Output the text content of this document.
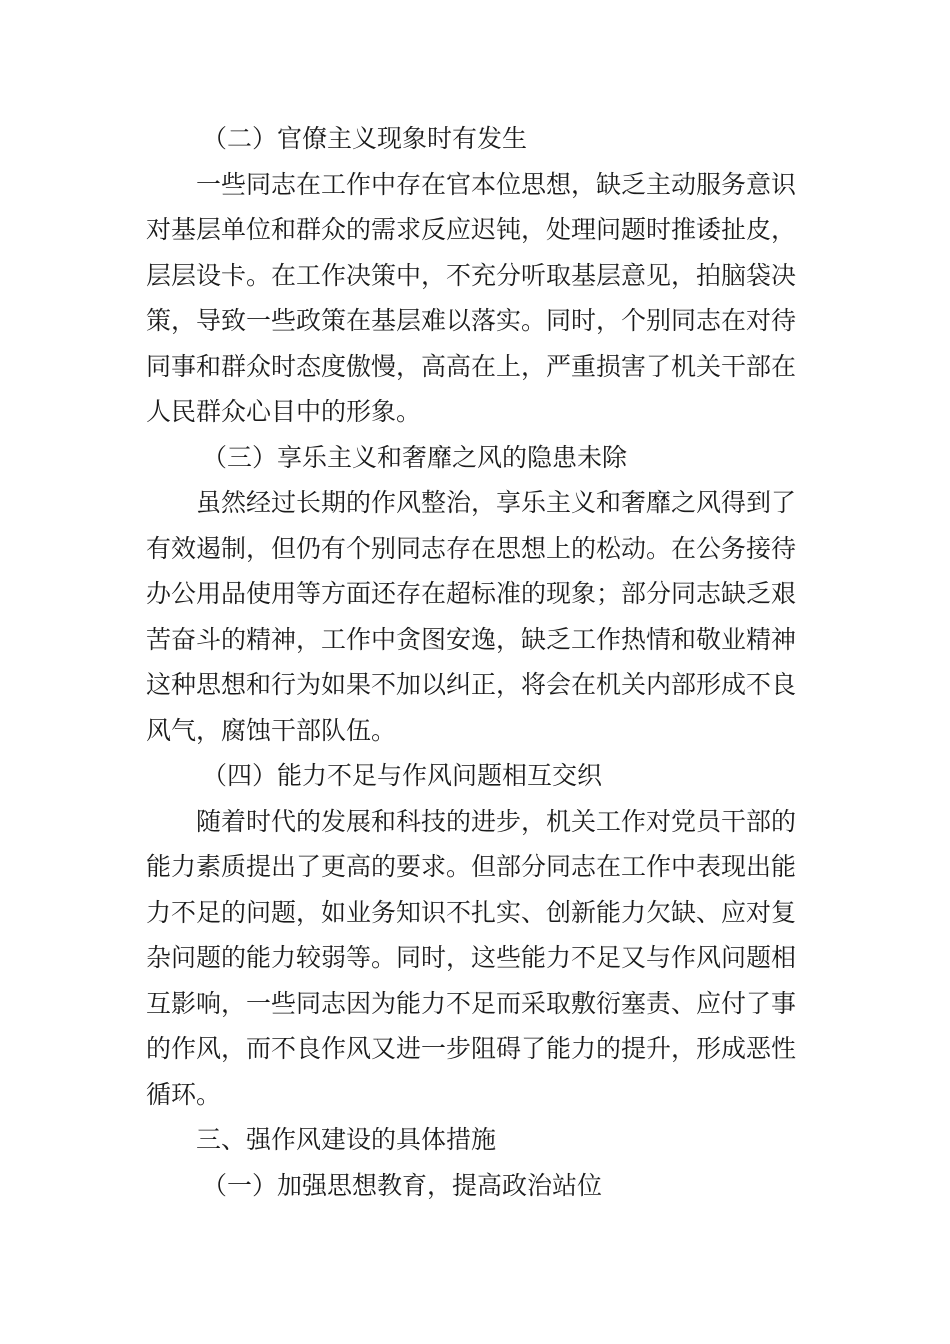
（二）官僚主义现象时有发生
一些同志在工作中存在官本位思想，缺乏主动服务意识
对基层单位和群众的需求反应迟钝，处理问题时推诿扯皮，
层层设卡。在工作决策中，不充分听取基层意见，拍脑袋决
策，导致一些政策在基层难以落实。同时，个别同志在对待
同事和群众时态度傲慢，高高在上，严重损害了机关干部在
人民群众心目中的形象。
（三）享乐主义和奢靡之风的隐患未除
虽然经过长期的作风整治，享乐主义和奢靡之风得到了
有效遏制，但仍有个别同志存在思想上的松动。在公务接待
办公用品使用等方面还存在超标准的现象；部分同志缺乏艰
苦奋斗的精神，工作中贪图安逸，缺乏工作热情和敬业精神
这种思想和行为如果不加以纠正，将会在机关内部形成不良
风气，腐蚀干部队伍。
（四）能力不足与作风问题相互交织
随着时代的发展和科技的进步，机关工作对党员干部的
能力素质提出了更高的要求。但部分同志在工作中表现出能
力不足的问题，如业务知识不扎实、创新能力欠缺、应对复
杂问题的能力较弱等。同时，这些能力不足又与作风问题相
互影响，一些同志因为能力不足而采取敷衍塞责、应付了事
的作风，而不良作风又进一步阻碍了能力的提升，形成恶性
循环。
三、强作风建设的具体措施
（一）加强思想教育，提高政治站位
